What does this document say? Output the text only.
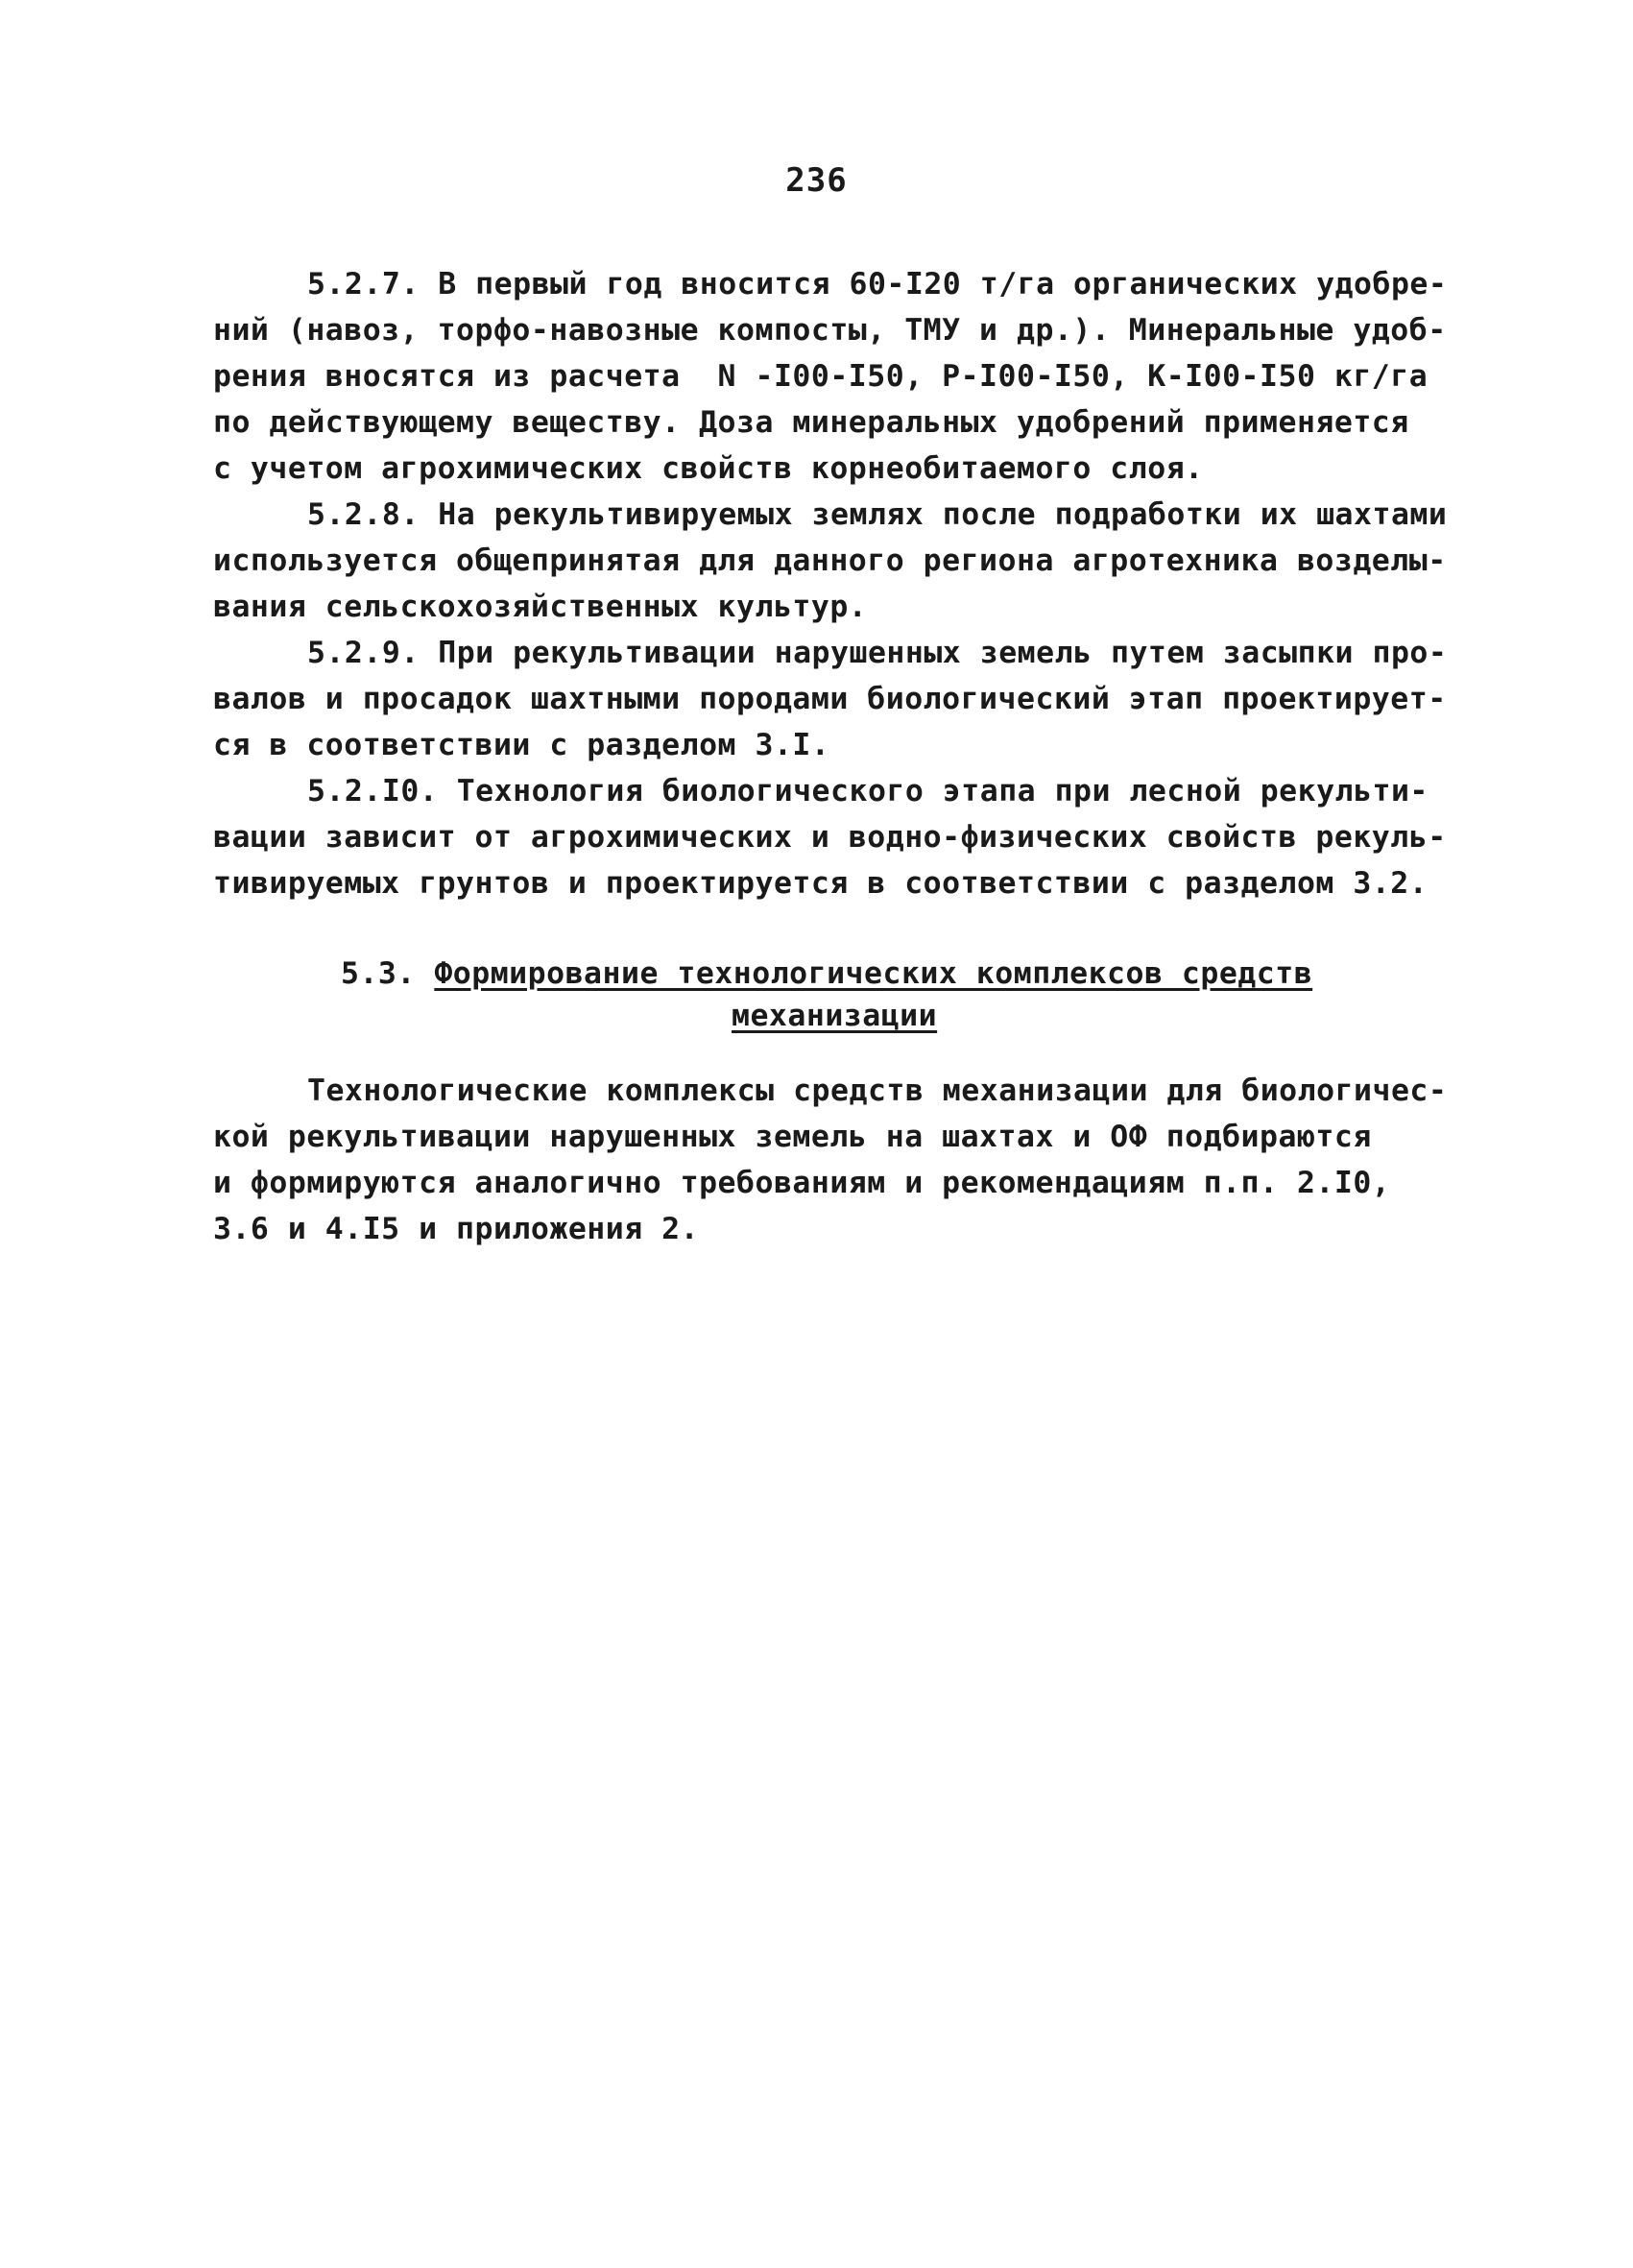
236
5.2.7. В первый год вносится 60-I20 т/га органических удобре-
ний (навоз, торфо-навозные компосты, ТМУ и др.). Минеральные удоб-
рения вносятся из расчета  N -I00-I50, Р-I00-I50, К-I00-I50 кг/га
по действующему веществу. Доза минеральных удобрений применяется
с учетом агрохимических свойств корнеобитаемого слоя.
5.2.8. На рекультивируемых землях после подработки их шахтами
используется общепринятая для данного региона агротехника возделы-
вания сельскохозяйственных культур.
5.2.9. При рекультивации нарушенных земель путем засыпки про-
валов и просадок шахтными породами биологический этап проектирует-
ся в соответствии с разделом 3.I.
5.2.I0. Технология биологического этапа при лесной рекульти-
вации зависит от агрохимических и водно-физических свойств рекуль-
тивируемых грунтов и проектируется в соответствии с разделом 3.2.
5.3. Формирование технологических комплексов средств
механизации
Технологические комплексы средств механизации для биологичес-
кой рекультивации нарушенных земель на шахтах и ОФ подбираются
и формируются аналогично требованиям и рекомендациям п.п. 2.I0,
3.6 и 4.I5 и приложения 2.
